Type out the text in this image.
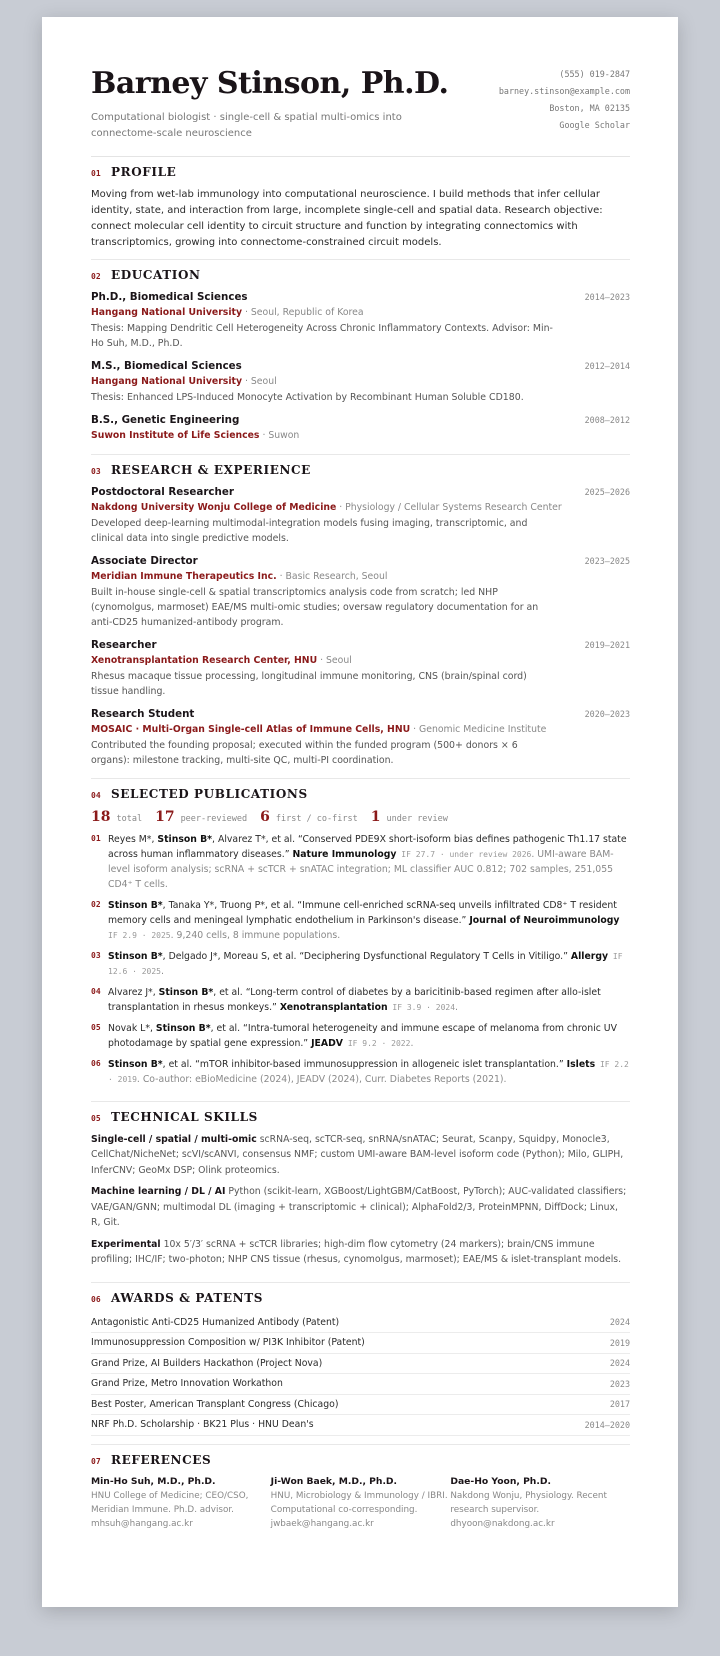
Barney Stinson, Ph.D.
Computational biologist · single-cell & spatial multi-omics into connectome-scale neuroscience
(555) 019-2847
barney.stinson@example.com
Boston, MA 02135
Google Scholar
01 PROFILE
Moving from wet-lab immunology into computational neuroscience. I build methods that infer cellular identity, state, and interaction from large, incomplete single-cell and spatial data. Research objective: connect molecular cell identity to circuit structure and function by integrating connectomics with transcriptomics, growing into connectome-constrained circuit models.
02 EDUCATION
Ph.D., Biomedical Sciences	2014–2023
Hangang National University · Seoul, Republic of Korea
Thesis: Mapping Dendritic Cell Heterogeneity Across Chronic Inflammatory Contexts. Advisor: Min-Ho Suh, M.D., Ph.D.
M.S., Biomedical Sciences	2012–2014
Hangang National University · Seoul
Thesis: Enhanced LPS-Induced Monocyte Activation by Recombinant Human Soluble CD180.
B.S., Genetic Engineering	2008–2012
Suwon Institute of Life Sciences · Suwon
03 RESEARCH & EXPERIENCE
Postdoctoral Researcher	2025–2026
Nakdong University Wonju College of Medicine · Physiology / Cellular Systems Research Center
Developed deep-learning multimodal-integration models fusing imaging, transcriptomic, and clinical data into single predictive models.
Associate Director	2023–2025
Meridian Immune Therapeutics Inc. · Basic Research, Seoul
Built in-house single-cell & spatial transcriptomics analysis code from scratch; led NHP (cynomolgus, marmoset) EAE/MS multi-omic studies; oversaw regulatory documentation for an anti-CD25 humanized-antibody program.
Researcher	2019–2021
Xenotransplantation Research Center, HNU · Seoul
Rhesus macaque tissue processing, longitudinal immune monitoring, CNS (brain/spinal cord) tissue handling.
Research Student	2020–2023
MOSAIC · Multi-Organ Single-cell Atlas of Immune Cells, HNU · Genomic Medicine Institute
Contributed the founding proposal; executed within the funded program (500+ donors × 6 organs): milestone tracking, multi-site QC, multi-PI coordination.
04 SELECTED PUBLICATIONS
18 total 17 peer-reviewed 6 first / co-first 1 under review
01 Reyes M*, Stinson B*, Alvarez T*, et al. “Conserved PDE9X short-isoform bias defines pathogenic Th1.17 state across human inflammatory diseases.” Nature Immunology IF 27.7 · under review 2026. UMI-aware BAM-level isoform analysis; scRNA + scTCR + snATAC integration; ML classifier AUC 0.812; 702 samples, 251,055 CD4⁺ T cells.
02 Stinson B*, Tanaka Y*, Truong P*, et al. “Immune cell-enriched scRNA-seq unveils infiltrated CD8⁺ T resident memory cells and meningeal lymphatic endothelium in Parkinson's disease.” Journal of Neuroimmunology IF 2.9 · 2025. 9,240 cells, 8 immune populations.
03 Stinson B*, Delgado J*, Moreau S, et al. “Deciphering Dysfunctional Regulatory T Cells in Vitiligo.” Allergy IF 12.6 · 2025.
04 Alvarez J*, Stinson B*, et al. “Long-term control of diabetes by a baricitinib-based regimen after allo-islet transplantation in rhesus monkeys.” Xenotransplantation IF 3.9 · 2024.
05 Novak L*, Stinson B*, et al. “Intra-tumoral heterogeneity and immune escape of melanoma from chronic UV photodamage by spatial gene expression.” JEADV IF 9.2 · 2022.
06 Stinson B*, et al. “mTOR inhibitor-based immunosuppression in allogeneic islet transplantation.” Islets IF 2.2 · 2019. Co-author: eBioMedicine (2024), JEADV (2024), Curr. Diabetes Reports (2021).
05 TECHNICAL SKILLS
Single-cell / spatial / multi-omic scRNA-seq, scTCR-seq, snRNA/snATAC; Seurat, Scanpy, Squidpy, Monocle3, CellChat/NicheNet; scVI/scANVI, consensus NMF; custom UMI-aware BAM-level isoform code (Python); Milo, GLIPH, InferCNV; GeoMx DSP; Olink proteomics.
Machine learning / DL / AI Python (scikit-learn, XGBoost/LightGBM/CatBoost, PyTorch); AUC-validated classifiers; VAE/GAN/GNN; multimodal DL (imaging + transcriptomic + clinical); AlphaFold2/3, ProteinMPNN, DiffDock; Linux, R, Git.
Experimental 10x 5′/3′ scRNA + scTCR libraries; high-dim flow cytometry (24 markers); brain/CNS immune profiling; IHC/IF; two-photon; NHP CNS tissue (rhesus, cynomolgus, marmoset); EAE/MS & islet-transplant models.
06 AWARDS & PATENTS
Antagonistic Anti-CD25 Humanized Antibody (Patent)	2024
Immunosuppression Composition w/ PI3K Inhibitor (Patent)	2019
Grand Prize, AI Builders Hackathon (Project Nova)	2024
Grand Prize, Metro Innovation Workathon	2023
Best Poster, American Transplant Congress (Chicago)	2017
NRF Ph.D. Scholarship · BK21 Plus · HNU Dean's	2014–2020
07 REFERENCES
Min-Ho Suh, M.D., Ph.D.
HNU College of Medicine; CEO/CSO, Meridian Immune. Ph.D. advisor. mhsuh@hangang.ac.kr
Ji-Won Baek, M.D., Ph.D.
HNU, Microbiology & Immunology / IBRI. Computational co-corresponding. jwbaek@hangang.ac.kr
Dae-Ho Yoon, Ph.D.
Nakdong Wonju, Physiology. Recent research supervisor. dhyoon@nakdong.ac.kr
